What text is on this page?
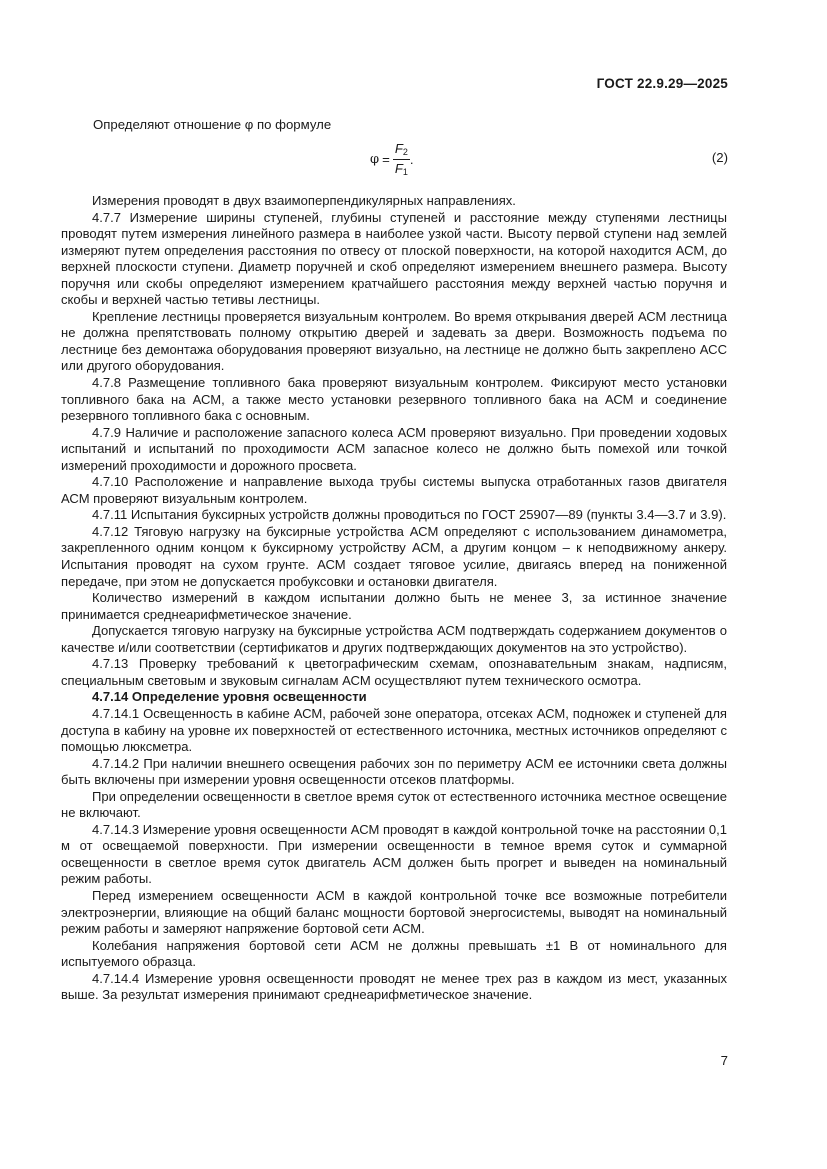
ГОСТ 22.9.29—2025
Определяют отношение φ по формуле
$\varphi = \frac{F_2}{F_1}$ .	(2)

Измерения проводят в двух взаимоперпендикулярных направлениях.

4.7.7 Измерение ширины ступеней, глубины ступеней и расстояние между ступенями лестницы проводят путем измерения линейного размера в наиболее узкой части. Высоту первой ступени над землей измеряют путем определения расстояния по отвесу от плоской поверхности, на которой находится АСМ, до верхней плоскости ступени. Диаметр поручней и скоб определяют измерением внешнего размера. Высоту поручня или скобы определяют измерением кратчайшего расстояния между верхней частью поручня и скобы и верхней частью тетивы лестницы.

Крепление лестницы проверяется визуальным контролем. Во время открывания дверей АСМ лестница не должна препятствовать полному открытию дверей и задевать за двери. Возможность подъема по лестнице без демонтажа оборудования проверяют визуально, на лестнице не должно быть закреплено АСС или другого оборудования.

4.7.8 Размещение топливного бака проверяют визуальным контролем. Фиксируют место установки топливного бака на АСМ, а также место установки резервного топливного бака на АСМ и соединение резервного топливного бака с основным.

4.7.9 Наличие и расположение запасного колеса АСМ проверяют визуально. При проведении ходовых испытаний и испытаний по проходимости АСМ запасное колесо не должно быть помехой или точкой измерений проходимости и дорожного просвета.

4.7.10 Расположение и направление выхода трубы системы выпуска отработанных газов двигателя АСМ проверяют визуальным контролем.

4.7.11 Испытания буксирных устройств должны проводиться по ГОСТ 25907—89 (пункты 3.4—3.7 и 3.9).

4.7.12 Тяговую нагрузку на буксирные устройства АСМ определяют с использованием динамометра, закрепленного одним концом к буксирному устройству АСМ, а другим концом – к неподвижному анкеру. Испытания проводят на сухом грунте. АСМ создает тяговое усилие, двигаясь вперед на пониженной передаче, при этом не допускается пробуксовки и остановки двигателя.

Количество измерений в каждом испытании должно быть не менее 3, за истинное значение принимается среднеарифметическое значение.

Допускается тяговую нагрузку на буксирные устройства АСМ подтверждать содержанием документов о качестве и/или соответствии (сертификатов и других подтверждающих документов на это устройство).

4.7.13 Проверку требований к цветографическим схемам, опознавательным знакам, надписям, специальным световым и звуковым сигналам АСМ осуществляют путем технического осмотра.

4.7.14 Определение уровня освещенности

4.7.14.1 Освещенность в кабине АСМ, рабочей зоне оператора, отсеках АСМ, подножек и ступеней для доступа в кабину на уровне их поверхностей от естественного источника, местных источников определяют с помощью люксметра.

4.7.14.2 При наличии внешнего освещения рабочих зон по периметру АСМ ее источники света должны быть включены при измерении уровня освещенности отсеков платформы.

При определении освещенности в светлое время суток от естественного источника местное освещение не включают.

4.7.14.3 Измерение уровня освещенности АСМ проводят в каждой контрольной точке на расстоянии 0,1 м от освещаемой поверхности. При измерении освещенности в темное время суток и суммарной освещенности в светлое время суток двигатель АСМ должен быть прогрет и выведен на номинальный режим работы.

Перед измерением освещенности АСМ в каждой контрольной точке все возможные потребители электроэнергии, влияющие на общий баланс мощности бортовой энергосистемы, выводят на номинальный режим работы и замеряют напряжение бортовой сети АСМ.

Колебания напряжения бортовой сети АСМ не должны превышать ±1 В от номинального для испытуемого образца.

4.7.14.4 Измерение уровня освещенности проводят не менее трех раз в каждом из мест, указанных выше. За результат измерения принимают среднеарифметическое значение.

7
